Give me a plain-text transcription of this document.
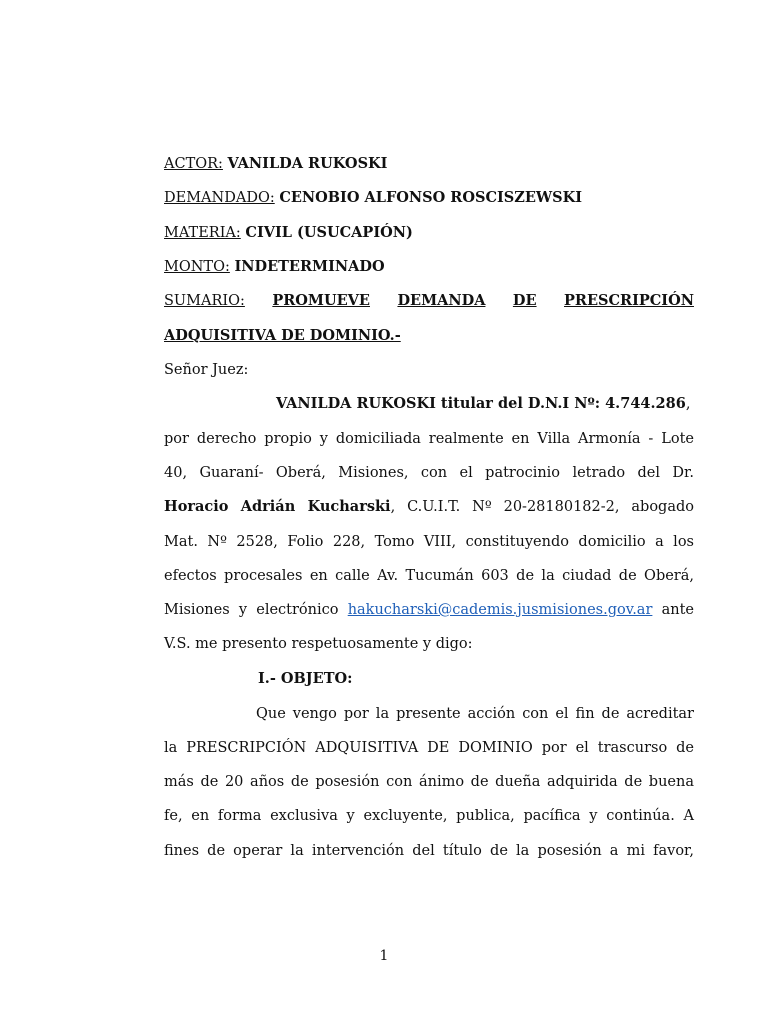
ACTOR: VANILDA RUKOSKI
DEMANDADO: CENOBIO ALFONSO ROSCISZEWSKI
MATERIA: CIVIL (USUCAPIÓN)
MONTO: INDETERMINADO
SUMARIO: PROMUEVE DEMANDA DE PRESCRIPCIÓN
ADQUISITIVA DE DOMINIO.-
Señor Juez:
VANILDA RUKOSKI titular del D.N.I Nº: 4.744.286,
por derecho propio y domiciliada realmente en Villa Armonía - Lote
40, Guaraní- Oberá, Misiones, con el patrocinio letrado del Dr.
Horacio Adrián Kucharski, C.U.I.T. Nº 20-28180182-2, abogado
Mat. Nº 2528, Folio 228, Tomo VIII, constituyendo domicilio a los
efectos procesales en calle Av. Tucumán 603 de la ciudad de Oberá,
Misiones y electrónico hakucharski@cademis.jusmisiones.gov.ar ante
V.S. me presento respetuosamente y digo:
I.- OBJETO:
Que vengo por la presente acción con el fin de acreditar
la PRESCRIPCIÓN ADQUISITIVA DE DOMINIO por el trascurso de
más de 20 años de posesión con ánimo de dueña adquirida de buena
fe, en forma exclusiva y excluyente, publica, pacífica y continúa. A
fines de operar la intervención del título de la posesión a mi favor,
1
